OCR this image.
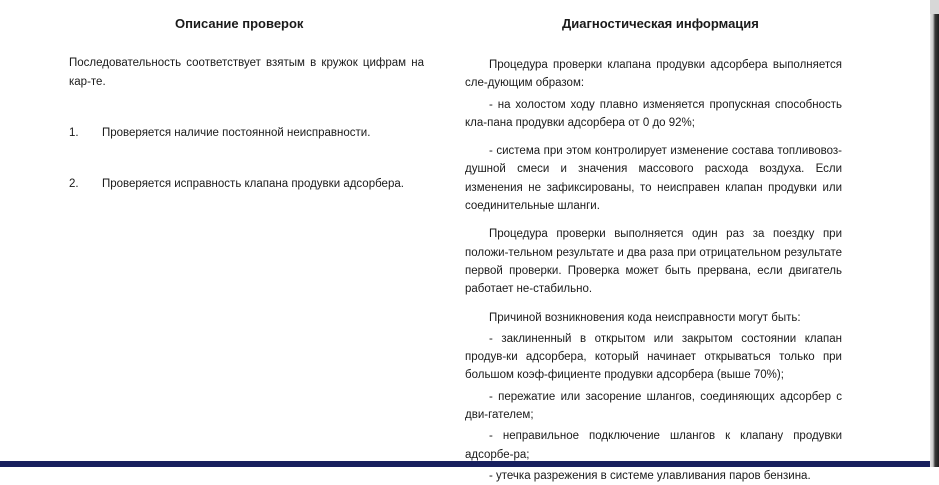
Описание проверок	Диагностическая информация

Последовательность соответствует взятым в кружок цифрам на кар-те.

1. Проверяется наличие постоянной неисправности.
2. Проверяется исправность клапана продувки адсорбера.

Процедура проверки клапана продувки адсорбера выполняется сле-дующим образом:

- на холостом ходу плавно изменяется пропускная способность кла-пана продувки адсорбера от 0 до 92%;

- система при этом контролирует изменение состава топливовоз-душной смеси и значения массового расхода воздуха. Если изменения не зафиксированы, то неисправен клапан продувки или соединительные шланги.

Процедура проверки выполняется один раз за поездку при положи-тельном результате и два раза при отрицательном результате первой проверки. Проверка может быть прервана, если двигатель работает не-стабильно.

Причиной возникновения кода неисправности могут быть:

- заклиненный в открытом или закрытом состоянии клапан продув-ки адсорбера, который начинает открываться только при большом коэф-фициенте продувки адсорбера (выше 70%);

- пережатие или засорение шлангов, соединяющих адсорбер с дви-гателем;

- неправильное подключение шлангов к клапану продувки адсорбе-ра;

- утечка разрежения в системе улавливания паров бензина.
